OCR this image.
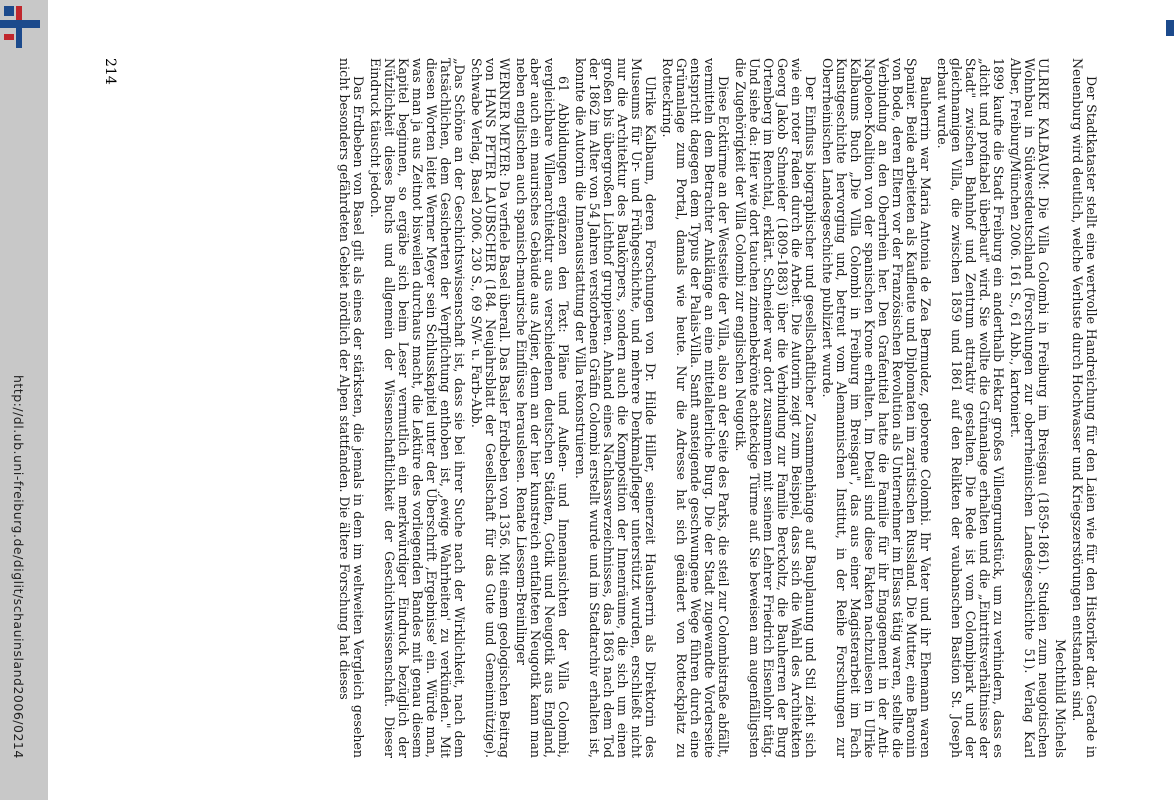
http://dl.ub.uni-freiburg.de/diglit/schauinsland2006/0214	Der Stadtkataster stellt eine wertvolle Handreichung für den Laien wie für den Historiker dar. Gerade in Neuenburg wird deutlich, welche Verluste durch Hochwasser und Kriegszerstörungen entstanden sind.

Mechthild Michels

ULRIKE KALBAUM: Die Villa Colombi in Freiburg im Breisgau (1859-1861). Studien zum neugotischen Wohnbau in Südwestdeutschland (Forschungen zur oberrheinischen Landesgeschichte 51). Verlag Karl Alber, Freiburg/München 2006. 161 S., 61 Abb., kartoniert.

1899 kaufte die Stadt Freiburg ein anderthalb Hektar großes Villengrundstück, um zu verhindern, dass es „dicht und profitabel überbaut" wird. Sie wollte die Grünanlage erhalten und die „Eintrittsverhältnisse der Stadt" zwischen Bahnhof und Zentrum attraktiv gestalten. Die Rede ist vom Colombipark und der gleichnamigen Villa, die zwischen 1859 und 1861 auf den Relikten der vaubanschen Bastion St. Joseph erbaut wurde.

Bauherrin war Maria Antonia de Zea Bermudez, geborene Colombi. Ihr Vater und ihr Ehemann waren Spanier. Beide arbeiteten als Kaufleute und Diplomaten im zaristischen Russland. Die Mutter, eine Baronin von Bode, deren Eltern vor der Französischen Revolution als Unternehmer im Elsass tätig waren, stellte die Verbindung an den Oberrhein her. Den Grafentitel hatte die Familie für ihr Engagement in der Anti-Napoleon-Koalition von der spanischen Krone erhalten. Im Detail sind diese Fakten nachzulesen in Ulrike Kalbaums Buch „Die Villa Colombi in Freiburg im Breisgau", das aus einer Magisterarbeit im Fach Kunstgeschichte hervorging und, betreut vom Alemannischen Institut, in der Reihe Forschungen zur Oberrheinischen Landesgeschichte publiziert wurde.

Der Einfluss biographischer und gesellschaftlicher Zusammenhänge auf Bauplanung und Stil zieht sich wie ein roter Faden durch die Arbeit. Die Autorin zeigt zum Beispiel, dass sich die Wahl des Architekten Georg Jakob Schneider (1809-1883) über die Verbindung zur Familie Berckoltz, die Bauherren der Burg Ortenberg im Renchtal, erklärt. Schneider war dort zusammen mit seinem Lehrer Friedrich Eisenlohr tätig. Und siehe da: Hier wie dort tauchen zinnenbekrönte achteckige Türme auf. Sie beweisen am augenfälligsten die Zugehörigkeit der Villa Colombi zur englischen Neugotik.

Diese Ecktürme an der Westseite der Villa, also an der Seite des Parks, die steil zur Colombistraße abfällt, vermitteln dem Betrachter Anklänge an eine mittelalterliche Burg. Die der Stadt zugewandte Vorderseite entspricht dagegen dem Typus der Palais-Villa. Sanft ansteigende geschwungene Wege führen durch eine Grünanlage zum Portal, damals wie heute. Nur die Adresse hat sich geändert von Rotteckplatz zu Rotteckring.

Ulrike Kalbaum, deren Forschungen von Dr. Hilde Hiller, seinerzeit Hausherrin als Direktorin des Museums für Ur- und Frühgeschichte, und mehrere Denkmalpfleger unterstützt wurden, erschließt nicht nur die Architektur des Baukörpers, sondern auch die Komposition der Innenräume, die sich um einen großen bis übergroßen Lichthof gruppieren. Anhand eines Nachlassverzeichnisses, das 1863 nach dem Tod der 1862 im Alter von 54 Jahren verstorbenen Gräfin Colombi erstellt wurde und im Stadtarchiv erhalten ist, konnte die Autorin die Innenausstattung der Villa rekonstruieren.

61 Abbildungen ergänzen den Text: Pläne und Außen- und Innenansichten der Villa Colombi, vergleichbare Villenarchitektur aus verschiedenen deutschen Städten, Gotik und Neugotik aus England, aber auch ein maurisches Gebäude aus Algier, denn an der hier kunstreich entfalteten Neugotik kann man neben englischen auch spanisch-maurische Einflüsse herauslesen. Renate Liessem-Breinlinger

WERNER MEYER: Da verfiele Basel überall. Das Basler Erdbeben von 1356. Mit einem geologischen Beitrag von HANS PETER LAUBSCHER (184. Neujahrsblatt der Gesellschaft für das Gute und Gemeinnützige). Schwabe Verlag, Basel 2006. 230 S., 69 S/W- u. Farb-Abb.

„Das Schöne an der Geschichtswissenschaft ist, dass sie bei ihrer Suche nach der Wirklichkeit, nach dem Tatsächlichen, dem Gesicherten der Verpflichtung enthoben ist, ‚ewige Wahrheiten' zu verkünden." Mit diesen Worten leitet Werner Meyer sein Schlusskapitel unter der Überschrift ‚Ergebnisse' ein. Würde man, was man ja aus Zeitnot bisweilen durchaus macht, die Lektüre des vorliegenden Bandes mit genau diesem Kapitel beginnen, so ergäbe sich beim Leser vermutlich ein merkwürdiger Eindruck bezüglich der Nützlichkeit dieses Buchs und allgemein der Wissenschaftlichkeit der Geschichtswissenschaft. Dieser Eindruck täuscht jedoch.

Das Erdbeben von Basel gilt als eines der stärksten, die jemals in dem im weltweiten Vergleich gesehen nicht besonders gefährdeten Gebiet nördlich der Alpen stattfanden. Die ältere Forschung hat dieses

214
